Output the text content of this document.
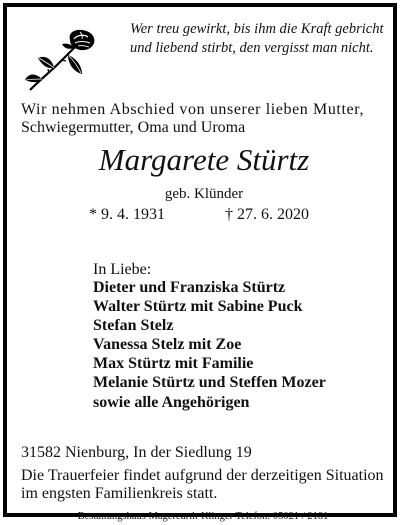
Wer treu gewirkt, bis ihm die Kraft gebricht
und liebend stirbt, den vergisst man nicht.
Wir nehmen Abschied von unserer lieben Mutter,
Schwiegermutter, Oma und Uroma
Margarete Stürtz
geb. Klünder
* 9. 4. 1931	† 27. 6. 2020
In Liebe:
Dieter und Franziska Stürtz
Walter Stürtz mit Sabine Puck
Stefan Stelz
Vanessa Stelz mit Zoe
Max Stürtz mit Familie
Melanie Stürtz und Steffen Mozer
sowie alle Angehörigen
31582 Nienburg, In der Siedlung 19
Die Trauerfeier findet aufgrund der derzeitigen Situation
im engsten Familienkreis statt.
Bestattungshaus Magercurth-Klinger Telefon: 05021 / 2181
